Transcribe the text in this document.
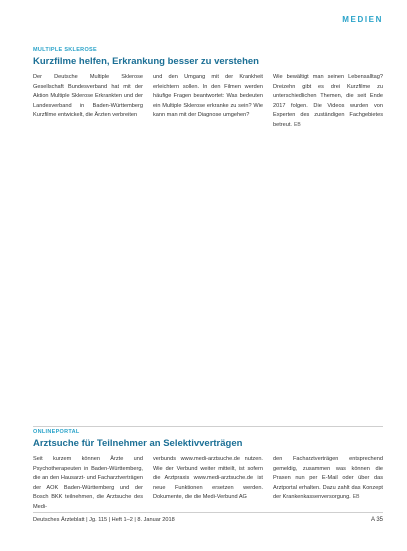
MEDIEN
MULTIPLE SKLEROSE
Kurzfilme helfen, Erkrankung besser zu verstehen

Der Deutsche Multiple Sklerose Gesellschaft Bundesverband hat mit der Aktion Multiple Sklerose Erkrankten und der Landesverband in Baden-Württemberg Kurzfilme entwickelt, die Ärzten verbreiten

und den Umgang mit der Krankheit erleichtern sollen. In den Filmen werden häufige Fragen beantwortet: Was bedeuten ein Multiple Sklerose erkranke zu sein? Wie kann man mit der Diagnose umgehen?

Wie bewältigt man seinen Lebensalltag? Dreizehn gibt es drei Kurzfilme zu unterschiedlichen Themen, die seit Ende 2017 folgen. Die Videos wurden von Experten des zuständigen Fachgebietes betreut. EB

ONLINEPORTAL
Arztsuche für Teilnehmer an Selektivverträgen

Seit kurzem können Ärzte und Psychotherapeuten in Baden-Württemberg, die an den Hausarzt- und Facharztverträgen der AOK Baden-Württemberg und der Bosch BKK teilnehmen, die Arztsuche des Medi-

verbunds www.medi-arztsuche.de nutzen. Wie der Verbund weiter mitteilt, ist sofern die Arztpraxis www.medi-arztsuche.de ist neue Funktionen ersetzen werden. Dokumente, die die Medi-Verbund AG

den Facharztverträgen entsprechend gemeldig, zusammen was können die Praxen nun per E-Mail oder über das Arztportal erhalten. Dazu zahlt das Konzept der Krankenkassenversorgung. EB

Deutsches Ärzteblatt | Jg. 115 | Heft 1–2 | 8. Januar 2018	A 35
